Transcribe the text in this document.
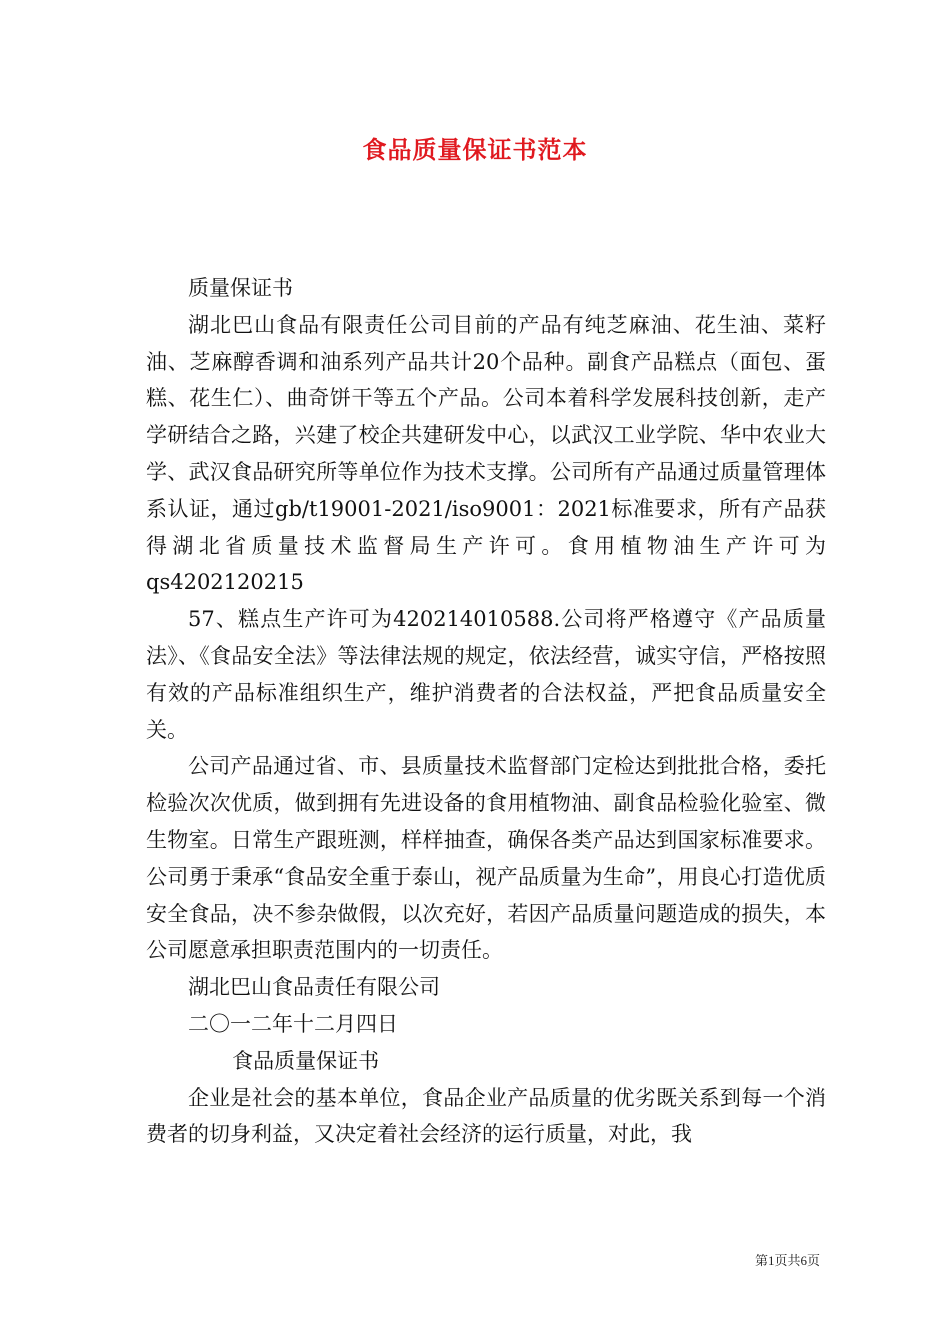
食品质量保证书范本

质量保证书

湖北巴山食品有限责任公司目前的产品有纯芝麻油、花生油、菜籽油、芝麻醇香调和油系列产品共计20个品种。副食产品糕点（面包、蛋糕、花生仁）、曲奇饼干等五个产品。公司本着科学发展科技创新，走产学研结合之路，兴建了校企共建研发中心，以武汉工业学院、华中农业大学、武汉食品研究所等单位作为技术支撑。公司所有产品通过质量管理体系认证，通过gb/t19001-2021/iso9001：2021标准要求，所有产品获得湖北省质量技术监督局生产许可。食用植物油生产许可为qs4202120215

57、糕点生产许可为420214010588.公司将严格遵守《产品质量法》、《食品安全法》等法律法规的规定，依法经营，诚实守信，严格按照有效的产品标准组织生产，维护消费者的合法权益，严把食品质量安全关。

公司产品通过省、市、县质量技术监督部门定检达到批批合格，委托检验次次优质，做到拥有先进设备的食用植物油、副食品检验化验室、微生物室。日常生产跟班测，样样抽查，确保各类产品达到国家标准要求。公司勇于秉承“食品安全重于泰山，视产品质量为生命”，用良心打造优质安全食品，决不参杂做假，以次充好，若因产品质量问题造成的损失，本公司愿意承担职责范围内的一切责任。

湖北巴山食品责任有限公司

二〇一二年十二月四日

食品质量保证书

企业是社会的基本单位，食品企业产品质量的优劣既关系到每一个消费者的切身利益，又决定着社会经济的运行质量，对此，我

第1页共6页
